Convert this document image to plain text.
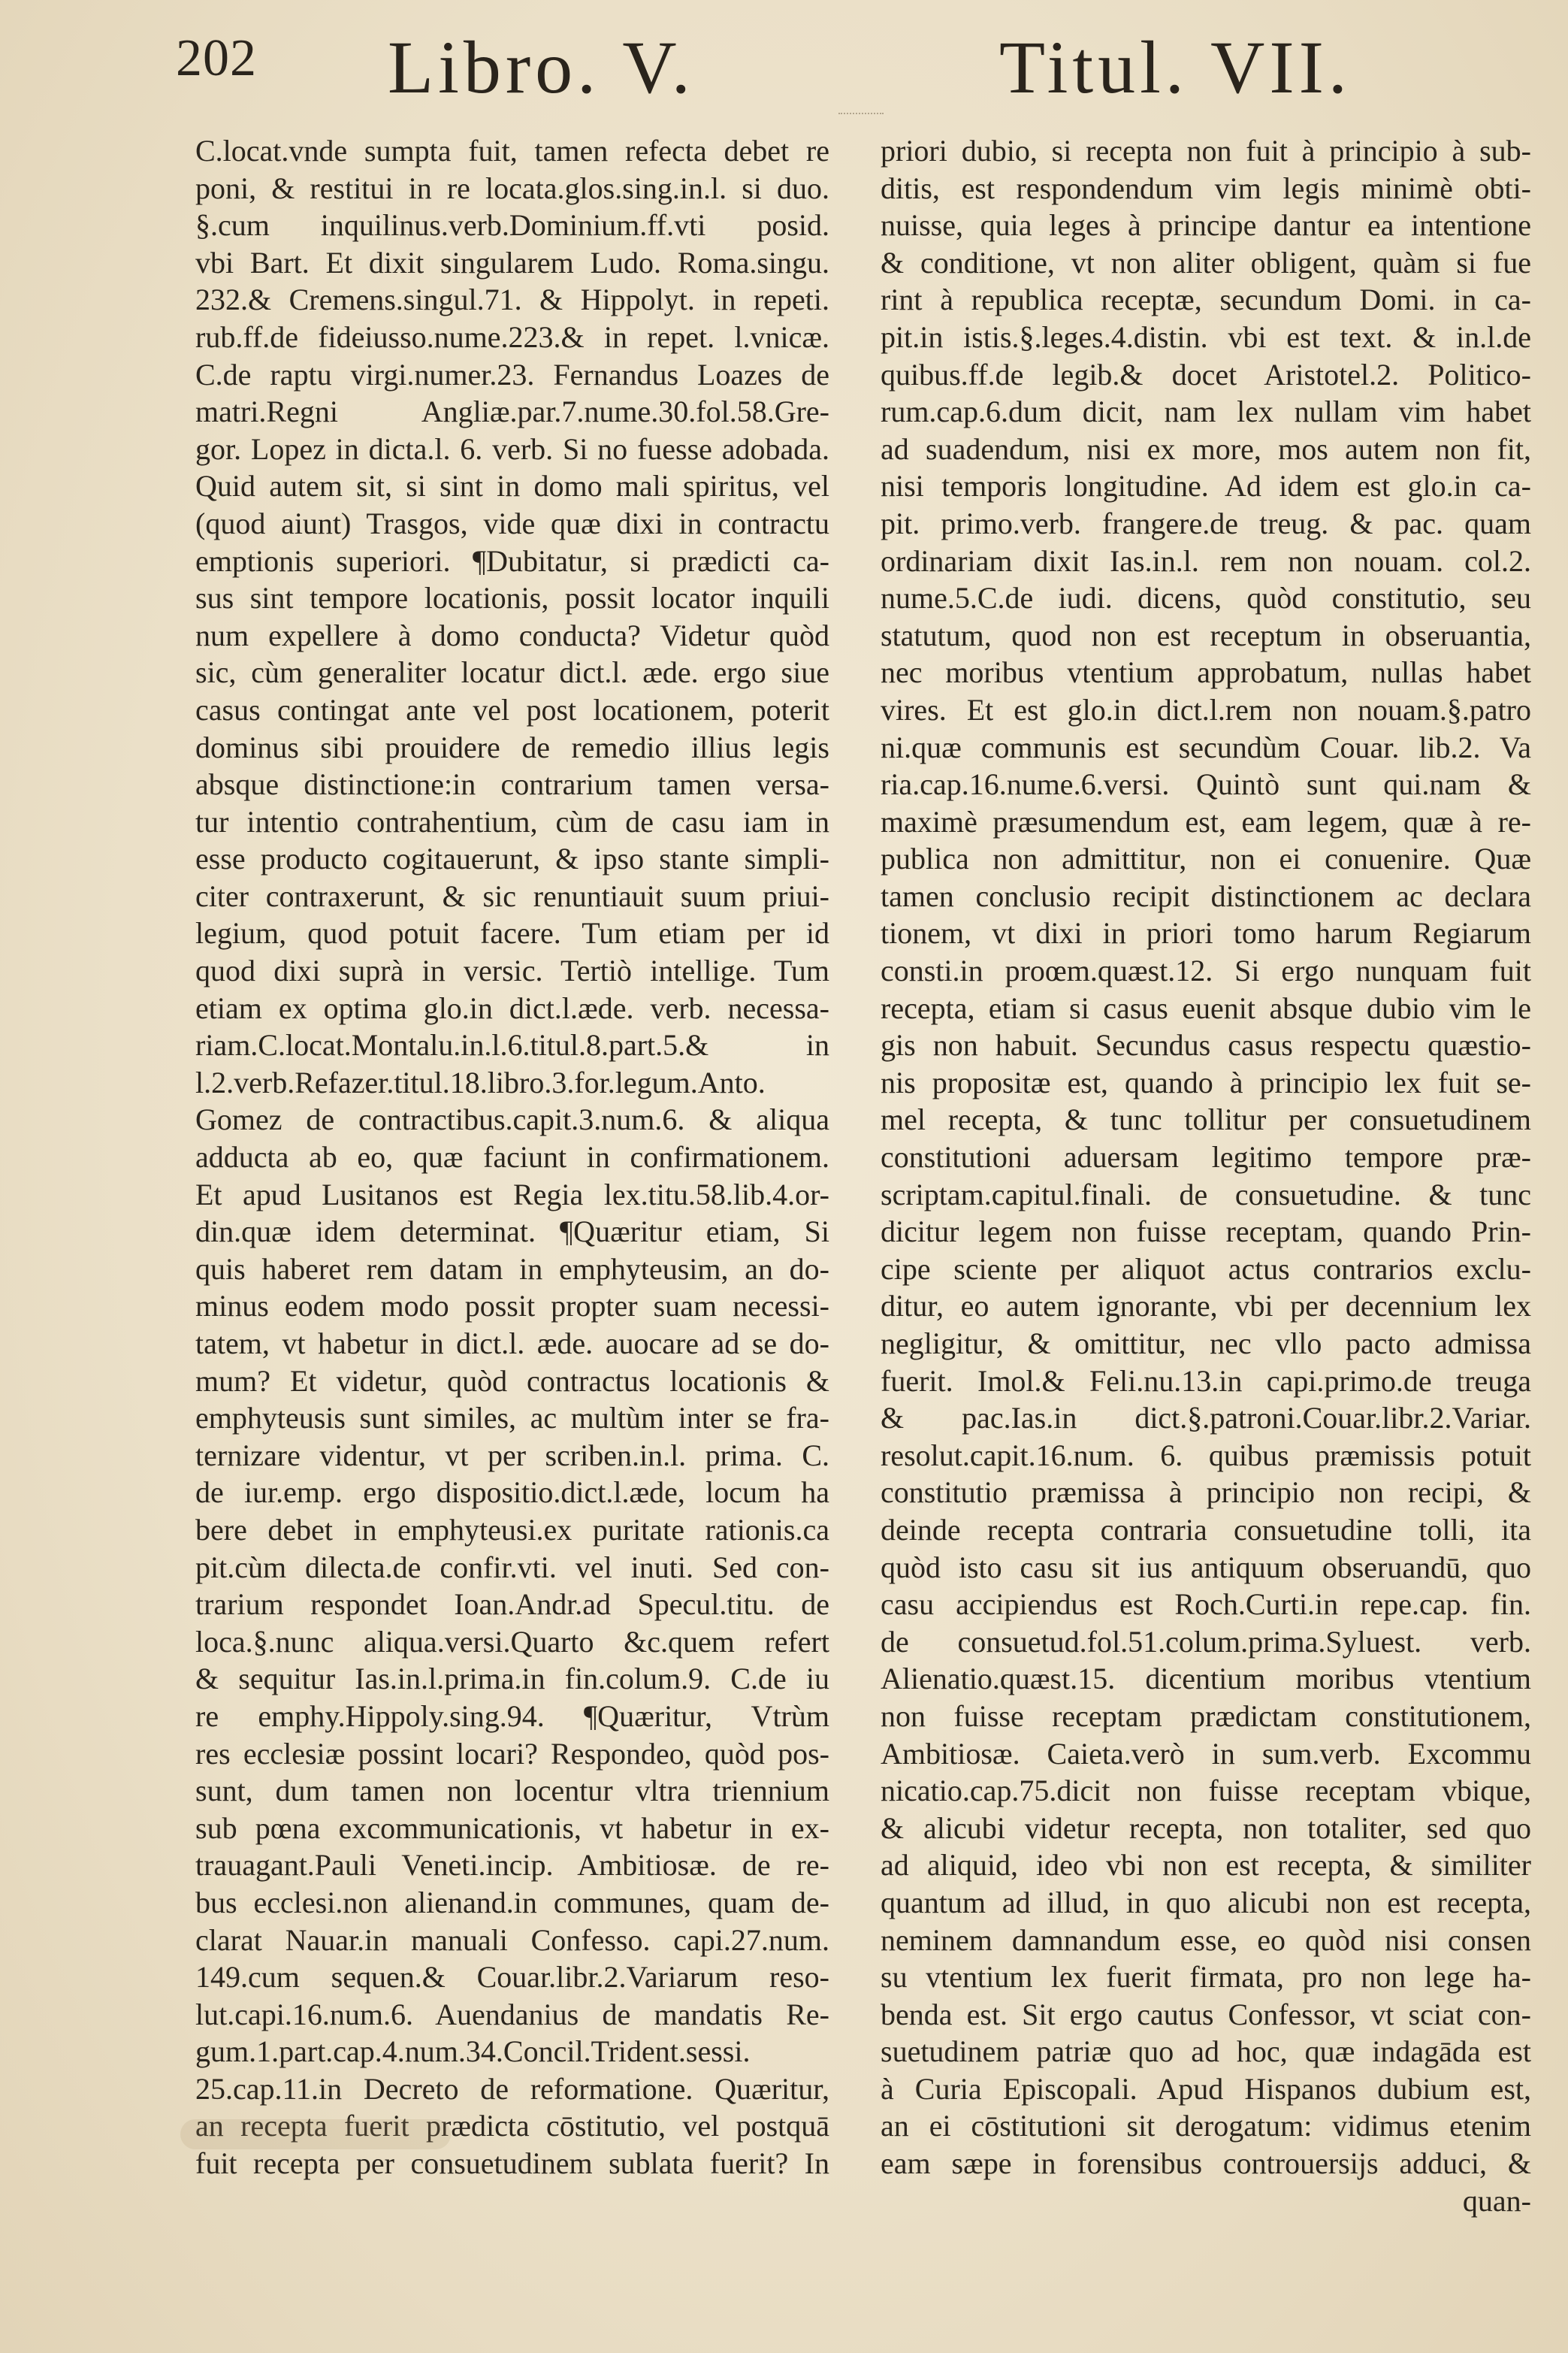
202 Libro. V.	Titul. VII.
C.locat.vnde sumpta fuit, tamen refecta debet re
poni, & restitui in re locata.glos.sing.in.l. si duo.
§.cum inquilinus.verb.Dominium.ff.vti posid.
vbi Bart. Et dixit singularem Ludo. Roma.singu.
232.& Cremens.singul.71. & Hippolyt. in repeti.
rub.ff.de fideiusso.nume.223.& in repet. l.vnicæ.
C.de raptu virgi.numer.23. Fernandus Loazes de
matri.Regni Angliæ.par.7.nume.30.fol.58.Gre-
gor. Lopez in dicta.l. 6. verb. Si no fuesse adobada.
Quid autem sit, si sint in domo mali spiritus, vel
(quod aiunt) Trasgos, vide quæ dixi in contractu
emptionis superiori. ¶Dubitatur, si prædicti ca-
sus sint tempore locationis, possit locator inquili
num expellere à domo conducta? Videtur quòd
sic, cùm generaliter locatur dict.l. æde. ergo siue
casus contingat ante vel post locationem, poterit
dominus sibi prouidere de remedio illius legis
absque distinctione:in contrarium tamen versa-
tur intentio contrahentium, cùm de casu iam in
esse producto cogitauerunt, & ipso stante simpli-
citer contraxerunt, & sic renuntiauit suum priui-
legium, quod potuit facere. Tum etiam per id
quod dixi suprà in versic. Tertiò intellige. Tum
etiam ex optima glo.in dict.l.æde. verb. necessa-
riam.C.locat.Montalu.in.l.6.titul.8.part.5.& in
l.2.verb.Refazer.titul.18.libro.3.for.legum.Anto.
Gomez de contractibus.capit.3.num.6. & aliqua
adducta ab eo, quæ faciunt in confirmationem.
Et apud Lusitanos est Regia lex.titu.58.lib.4.or-
din.quæ idem determinat. ¶Quæritur etiam, Si
quis haberet rem datam in emphyteusim, an do-
minus eodem modo possit propter suam necessi-
tatem, vt habetur in dict.l. æde. auocare ad se do-
mum? Et videtur, quòd contractus locationis &
emphyteusis sunt similes, ac multùm inter se fra-
ternizare videntur, vt per scriben.in.l. prima. C.
de iur.emp. ergo dispositio.dict.l.æde, locum ha
bere debet in emphyteusi.ex puritate rationis.ca
pit.cùm dilecta.de confir.vti. vel inuti. Sed con-
trarium respondet Ioan.Andr.ad Specul.titu. de
loca.§.nunc aliqua.versi.Quarto &c.quem refert
& sequitur Ias.in.l.prima.in fin.colum.9. C.de iu
re emphy.Hippoly.sing.94. ¶Quæritur, Vtrùm
res ecclesiæ possint locari? Respondeo, quòd pos-
sunt, dum tamen non locentur vltra triennium
sub pœna excommunicationis, vt habetur in ex-
trauagant.Pauli Veneti.incip. Ambitiosæ. de re-
bus ecclesi.non alienand.in communes, quam de-
clarat Nauar.in manuali Confesso. capi.27.num.
149.cum sequen.& Couar.libr.2.Variarum reso-
lut.capi.16.num.6. Auendanius de mandatis Re-
gum.1.part.cap.4.num.34.Concil.Trident.sessi.
25.cap.11.in Decreto de reformatione. Quæritur,
an recepta fuerit prædicta cōstitutio, vel postquā
fuit recepta per consuetudinem sublata fuerit? In
priori dubio, si recepta non fuit à principio à sub-
ditis, est respondendum vim legis minimè obti-
nuisse, quia leges à principe dantur ea intentione
& conditione, vt non aliter obligent, quàm si fue
rint à republica receptæ, secundum Domi. in ca-
pit.in istis.§.leges.4.distin. vbi est text. & in.l.de
quibus.ff.de legib.& docet Aristotel.2. Politico-
rum.cap.6.dum dicit, nam lex nullam vim habet
ad suadendum, nisi ex more, mos autem non fit,
nisi temporis longitudine. Ad idem est glo.in ca-
pit. primo.verb. frangere.de treug. & pac. quam
ordinariam dixit Ias.in.l. rem non nouam. col.2.
nume.5.C.de iudi. dicens, quòd constitutio, seu
statutum, quod non est receptum in obseruantia,
nec moribus vtentium approbatum, nullas habet
vires. Et est glo.in dict.l.rem non nouam.§.patro
ni.quæ communis est secundùm Couar. lib.2. Va
ria.cap.16.nume.6.versi. Quintò sunt qui.nam &
maximè præsumendum est, eam legem, quæ à re-
publica non admittitur, non ei conuenire. Quæ
tamen conclusio recipit distinctionem ac declara
tionem, vt dixi in priori tomo harum Regiarum
consti.in proœm.quæst.12. Si ergo nunquam fuit
recepta, etiam si casus euenit absque dubio vim le
gis non habuit. Secundus casus respectu quæstio-
nis propositæ est, quando à principio lex fuit se-
mel recepta, & tunc tollitur per consuetudinem
constitutioni aduersam legitimo tempore præ-
scriptam.capitul.finali. de consuetudine. & tunc
dicitur legem non fuisse receptam, quando Prin-
cipe sciente per aliquot actus contrarios exclu-
ditur, eo autem ignorante, vbi per decennium lex
negligitur, & omittitur, nec vllo pacto admissa
fuerit. Imol.& Feli.nu.13.in capi.primo.de treuga
& pac.Ias.in dict.§.patroni.Couar.libr.2.Variar.
resolut.capit.16.num. 6. quibus præmissis potuit
constitutio præmissa à principio non recipi, &
deinde recepta contraria consuetudine tolli, ita
quòd isto casu sit ius antiquum obseruandū, quo
casu accipiendus est Roch.Curti.in repe.cap. fin.
de consuetud.fol.51.colum.prima.Syluest. verb.
Alienatio.quæst.15. dicentium moribus vtentium
non fuisse receptam prædictam constitutionem,
Ambitiosæ. Caieta.verò in sum.verb. Excommu
nicatio.cap.75.dicit non fuisse receptam vbique,
& alicubi videtur recepta, non totaliter, sed quo
ad aliquid, ideo vbi non est recepta, & similiter
quantum ad illud, in quo alicubi non est recepta,
neminem damnandum esse, eo quòd nisi consen
su vtentium lex fuerit firmata, pro non lege ha-
benda est. Sit ergo cautus Confessor, vt sciat con-
suetudinem patriæ quo ad hoc, quæ indagāda est
à Curia Episcopali. Apud Hispanos dubium est,
an ei cōstitutioni sit derogatum: vidimus etenim
eam sæpe in forensibus controuersijs adduci, &
quan-
